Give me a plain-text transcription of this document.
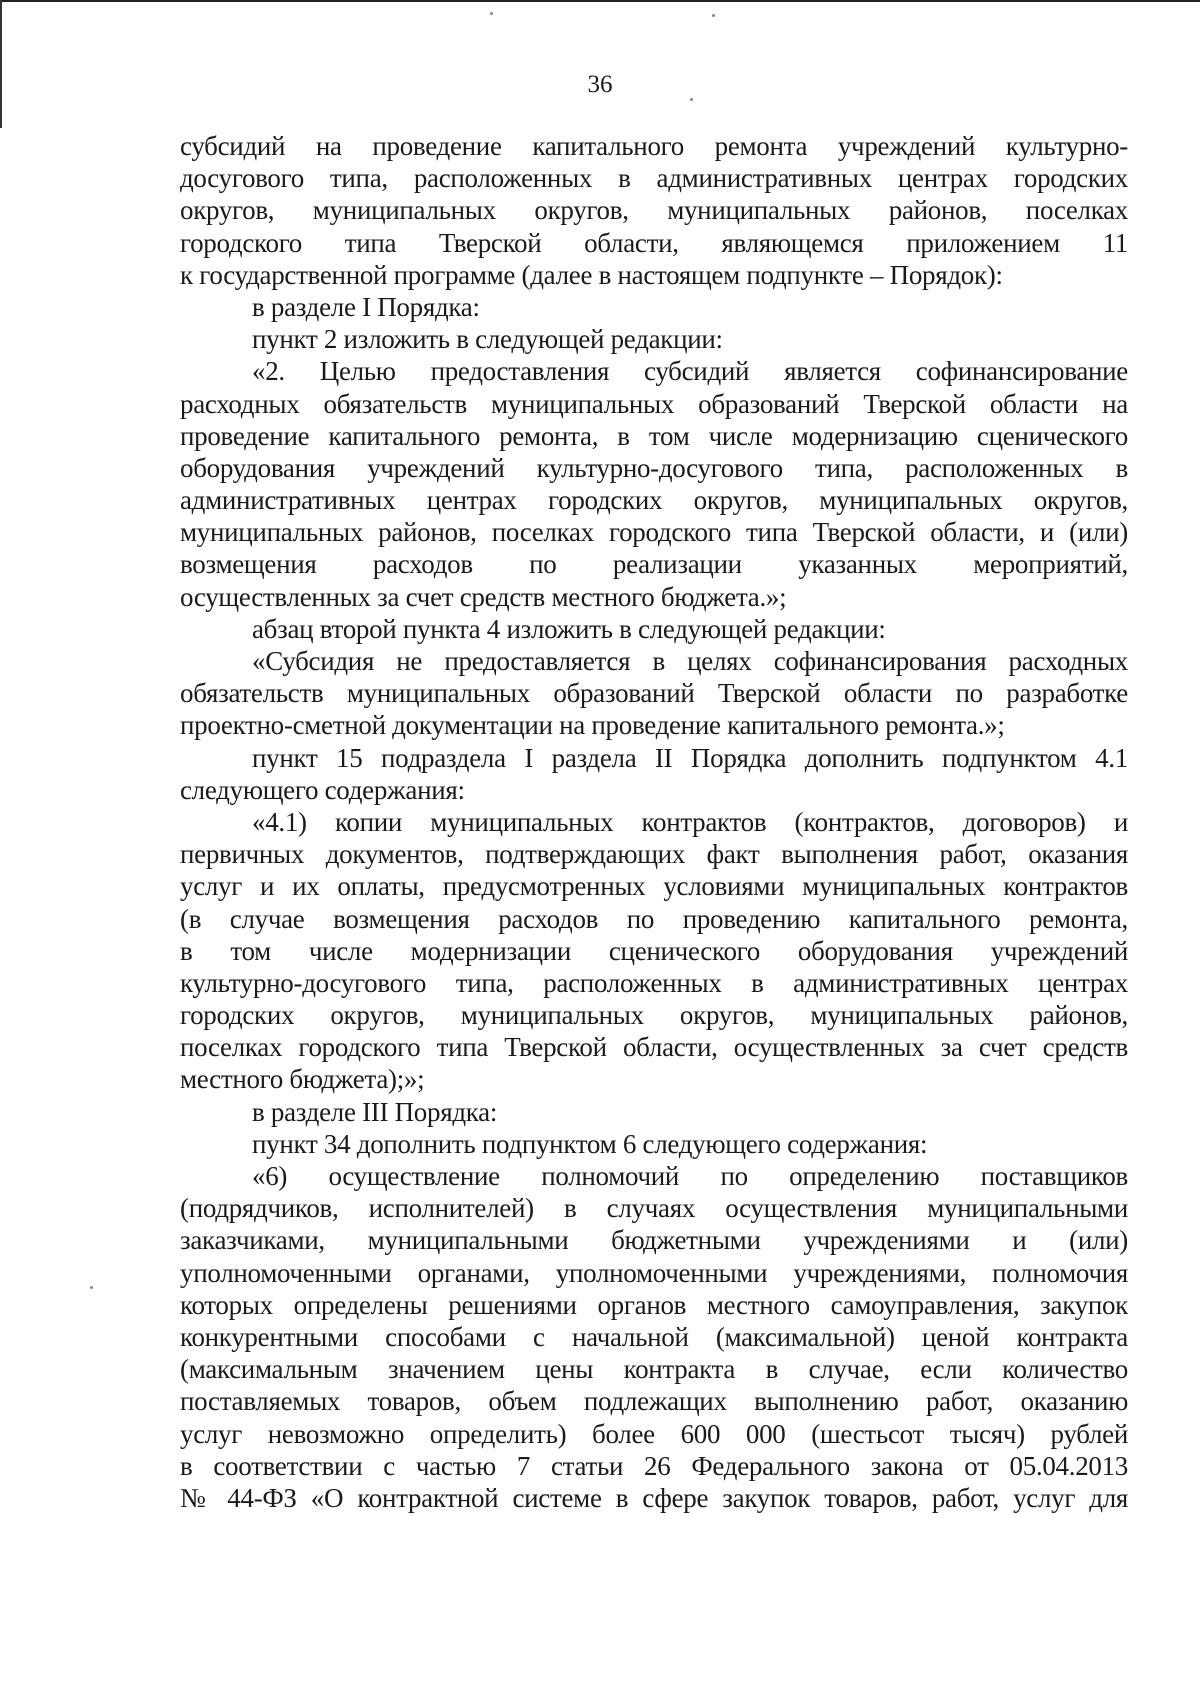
36
субсидий на проведение капитального ремонта учреждений культурно-
досугового типа, расположенных в административных центрах городских
округов, муниципальных округов, муниципальных районов, поселках
городского типа Тверской области, являющемся приложением 11
к государственной программе (далее в настоящем подпункте – Порядок):
в разделе I Порядка:
пункт 2 изложить в следующей редакции:
«2. Целью предоставления субсидий является софинансирование
расходных обязательств муниципальных образований Тверской области на
проведение капитального ремонта, в том числе модернизацию сценического
оборудования учреждений культурно-досугового типа, расположенных в
административных центрах городских округов, муниципальных округов,
муниципальных районов, поселках городского типа Тверской области, и (или)
возмещения расходов по реализации указанных мероприятий,
осуществленных за счет средств местного бюджета.»;
абзац второй пункта 4 изложить в следующей редакции:
«Субсидия не предоставляется в целях софинансирования расходных
обязательств муниципальных образований Тверской области по разработке
проектно-сметной документации на проведение капитального ремонта.»;
пункт 15 подраздела I раздела II Порядка дополнить подпунктом 4.1
следующего содержания:
«4.1) копии муниципальных контрактов (контрактов, договоров) и
первичных документов, подтверждающих факт выполнения работ, оказания
услуг и их оплаты, предусмотренных условиями муниципальных контрактов
(в случае возмещения расходов по проведению капитального ремонта,
в том числе модернизации сценического оборудования учреждений
культурно-досугового типа, расположенных в административных центрах
городских округов, муниципальных округов, муниципальных районов,
поселках городского типа Тверской области, осуществленных за счет средств
местного бюджета);»;
в разделе III Порядка:
пункт 34 дополнить подпунктом 6 следующего содержания:
«6) осуществление полномочий по определению поставщиков
(подрядчиков, исполнителей) в случаях осуществления муниципальными
заказчиками, муниципальными бюджетными учреждениями и (или)
уполномоченными органами, уполномоченными учреждениями, полномочия
которых определены решениями органов местного самоуправления, закупок
конкурентными способами с начальной (максимальной) ценой контракта
(максимальным значением цены контракта в случае, если количество
поставляемых товаров, объем подлежащих выполнению работ, оказанию
услуг невозможно определить) более 600 000 (шестьсот тысяч) рублей
в соответствии с частью 7 статьи 26 Федерального закона от 05.04.2013
№ 44-ФЗ «О контрактной системе в сфере закупок товаров, работ, услуг для
